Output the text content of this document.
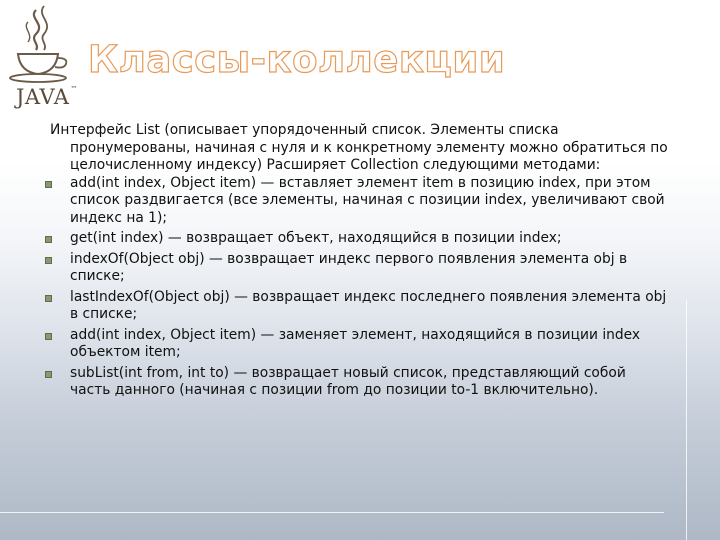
JAVA™
Классы-коллекции

Интерфейс List (описывает упорядоченный список. Элементы списка пронумерованы, начиная с нуля и к конкретному элементу можно обратиться по целочисленному индексу) Расширяет Collection следующими методами:

add(int index, Object item) — вставляет элемент item в позицию index, при этом список раздвигается (все элементы, начиная с позиции index, увеличивают свой индекс на 1);
get(int index) — возвращает объект, находящийся в позиции index;
indexOf(Object obj) — возвращает индекс первого появления элемента obj в списке;
lastIndexOf(Object obj) — возвращает индекс последнего появления элемента obj в списке;
add(int index, Object item) — заменяет элемент, находящийся в позиции index объектом item;
subList(int from, int to) — возвращает новый список, представляющий собой часть данного (начиная с позиции from до позиции to-1 включительно).
